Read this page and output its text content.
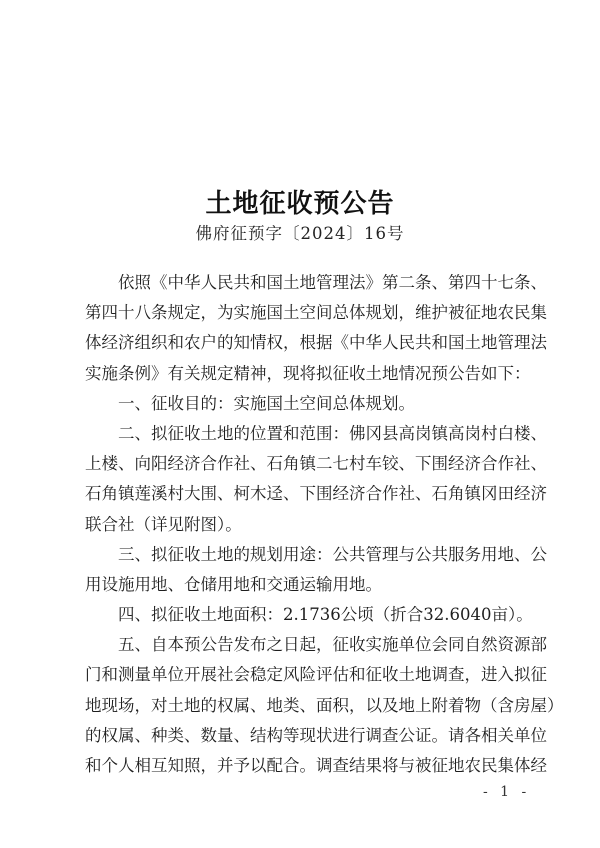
土地征收预公告
佛府征预字〔2024〕16号
依照《中华人民共和国土地管理法》第二条、第四十七条、
第四十八条规定，为实施国土空间总体规划，维护被征地农民集
体经济组织和农户的知情权，根据《中华人民共和国土地管理法
实施条例》有关规定精神，现将拟征收土地情况预公告如下：
一、征收目的：实施国土空间总体规划。
二、拟征收土地的位置和范围：佛冈县高岗镇高岗村白楼、
上楼、向阳经济合作社、石角镇二七村车铰、下围经济合作社、
石角镇莲溪村大围、柯木迳、下围经济合作社、石角镇冈田经济
联合社（详见附图）。
三、拟征收土地的规划用途：公共管理与公共服务用地、公
用设施用地、仓储用地和交通运输用地。
四、拟征收土地面积：2.1736公顷（折合32.6040亩）。
五、自本预公告发布之日起，征收实施单位会同自然资源部
门和测量单位开展社会稳定风险评估和征收土地调查，进入拟征
地现场，对土地的权属、地类、面积，以及地上附着物（含房屋）
的权属、种类、数量、结构等现状进行调查公证。请各相关单位
和个人相互知照，并予以配合。调查结果将与被征地农民集体经
- 1 -
